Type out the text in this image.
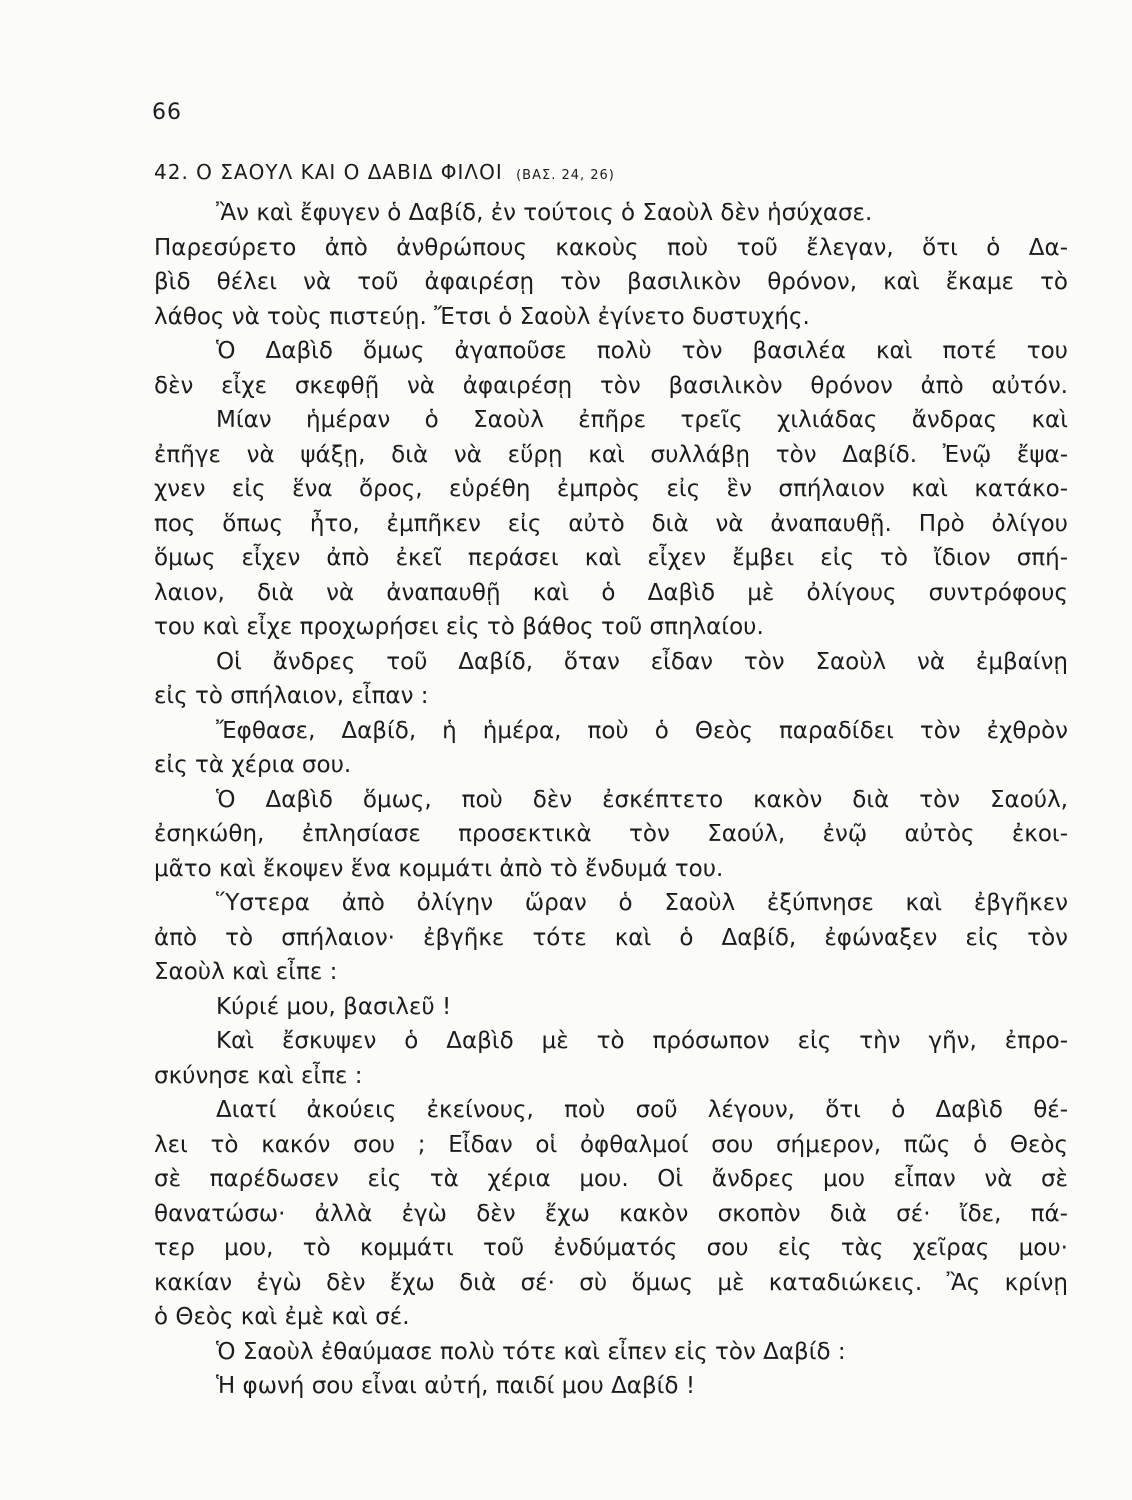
66

42. Ο ΣΑΟΥΛ ΚΑΙ Ο ΔΑΒΙΔ ΦΙΛΟΙ (ΒΑΣ. 24, 26)
Ἂν καὶ ἔφυγεν ὁ Δαβίδ, ἐν τούτοις ὁ Σαοὺλ δὲν ἡσύχασε.
Παρεσύρετο ἀπὸ ἀνθρώπους κακοὺς ποὺ τοῦ ἔλεγαν, ὅτι ὁ Δα-
βὶδ θέλει νὰ τοῦ ἀφαιρέσῃ τὸν βασιλικὸν θρόνον, καὶ ἔκαμε τὸ
λάθος νὰ τοὺς πιστεύῃ. Ἔτσι ὁ Σαοὺλ ἐγίνετο δυστυχής.
Ὁ Δαβὶδ ὅμως ἀγαποῦσε πολὺ τὸν βασιλέα καὶ ποτέ του
δὲν εἶχε σκεφθῇ νὰ ἀφαιρέσῃ τὸν βασιλικὸν θρόνον ἀπὸ αὐτόν.
Μίαν ἡμέραν ὁ Σαοὺλ ἐπῆρε τρεῖς χιλιάδας ἄνδρας καὶ
ἐπῆγε νὰ ψάξῃ, διὰ νὰ εὕρῃ καὶ συλλάβῃ τὸν Δαβίδ. Ἐνῷ ἔψα-
χνεν εἰς ἕνα ὄρος, εὑρέθη ἐμπρὸς εἰς ἓν σπήλαιον καὶ κατάκο-
πος ὅπως ἦτο, ἐμπῆκεν εἰς αὐτὸ διὰ νὰ ἀναπαυθῇ. Πρὸ ὀλίγου
ὅμως εἶχεν ἀπὸ ἐκεῖ περάσει καὶ εἶχεν ἔμβει εἰς τὸ ἴδιον σπή-
λαιον, διὰ νὰ ἀναπαυθῇ καὶ ὁ Δαβὶδ μὲ ὀλίγους συντρόφους
του καὶ εἶχε προχωρήσει εἰς τὸ βάθος τοῦ σπηλαίου.
Οἱ ἄνδρες τοῦ Δαβίδ, ὅταν εἶδαν τὸν Σαοὺλ νὰ ἐμβαίνῃ
εἰς τὸ σπήλαιον, εἶπαν :
Ἔφθασε, Δαβίδ, ἡ ἡμέρα, ποὺ ὁ Θεὸς παραδίδει τὸν ἐχθρὸν
εἰς τὰ χέρια σου.
Ὁ Δαβὶδ ὅμως, ποὺ δὲν ἐσκέπτετο κακὸν διὰ τὸν Σαούλ,
ἐσηκώθη, ἐπλησίασε προσεκτικὰ τὸν Σαούλ, ἐνῷ αὐτὸς ἐκοι-
μᾶτο καὶ ἔκοψεν ἕνα κομμάτι ἀπὸ τὸ ἔνδυμά του.
Ὕστερα ἀπὸ ὀλίγην ὥραν ὁ Σαοὺλ ἐξύπνησε καὶ ἐβγῆκεν
ἀπὸ τὸ σπήλαιον· ἐβγῆκε τότε καὶ ὁ Δαβίδ, ἐφώναξεν εἰς τὸν
Σαοὺλ καὶ εἶπε :
Κύριέ μου, βασιλεῦ !
Καὶ ἔσκυψεν ὁ Δαβὶδ μὲ τὸ πρόσωπον εἰς τὴν γῆν, ἐπρο-
σκύνησε καὶ εἶπε :
Διατί ἀκούεις ἐκείνους, ποὺ σοῦ λέγουν, ὅτι ὁ Δαβὶδ θέ-
λει τὸ κακόν σου ; Εἶδαν οἱ ὀφθαλμοί σου σήμερον, πῶς ὁ Θεὸς
σὲ παρέδωσεν εἰς τὰ χέρια μου. Οἱ ἄνδρες μου εἶπαν νὰ σὲ
θανατώσω· ἀλλὰ ἐγὼ δὲν ἔχω κακὸν σκοπὸν διὰ σέ· ἴδε, πά-
τερ μου, τὸ κομμάτι τοῦ ἐνδύματός σου εἰς τὰς χεῖρας μου·
κακίαν ἐγὼ δὲν ἔχω διὰ σέ· σὺ ὅμως μὲ καταδιώκεις. Ἂς κρίνῃ
ὁ Θεὸς καὶ ἐμὲ καὶ σέ.
Ὁ Σαοὺλ ἐθαύμασε πολὺ τότε καὶ εἶπεν εἰς τὸν Δαβίδ :
Ἡ φωνή σου εἶναι αὐτή, παιδί μου Δαβίδ !
